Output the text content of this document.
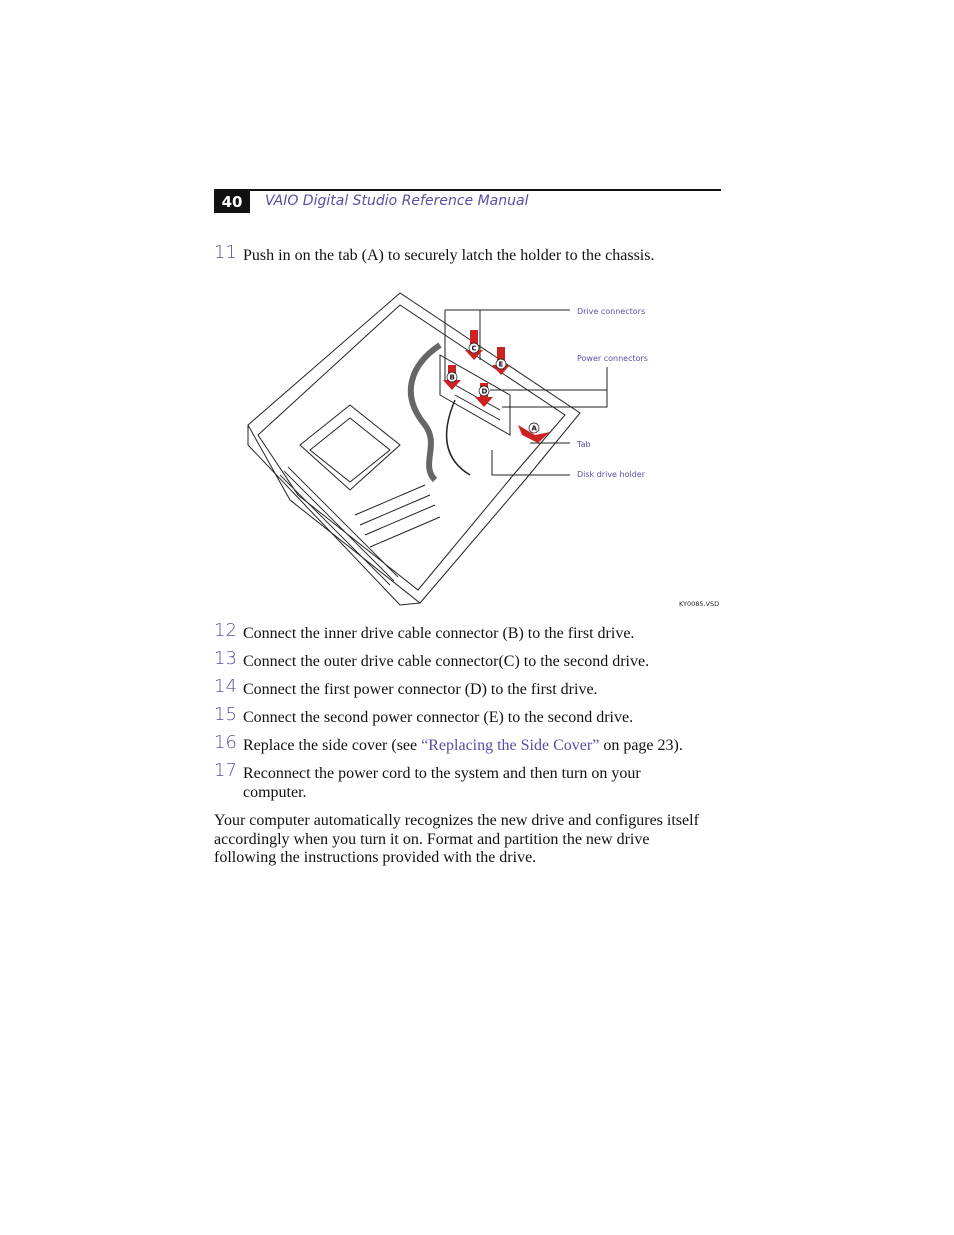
40	VAIO Digital Studio Reference Manual
11 Push in on the tab (A) to securely latch the holder to the chassis.
C
E
B
D
A
Drive connectors
Power connectors
Tab
Disk drive holder
KY0085.VSD
12 Connect the inner drive cable connector (B) to the first drive.
13 Connect the outer drive cable connector(C) to the second drive.
14 Connect the first power connector (D) to the first drive.
15 Connect the second power connector (E) to the second drive.
16 Replace the side cover (see “Replacing the Side Cover” on page 23).
17 Reconnect the power cord to the system and then turn on your computer.
Your computer automatically recognizes the new drive and configures itself accordingly when you turn it on. Format and partition the new drive following the instructions provided with the drive.
